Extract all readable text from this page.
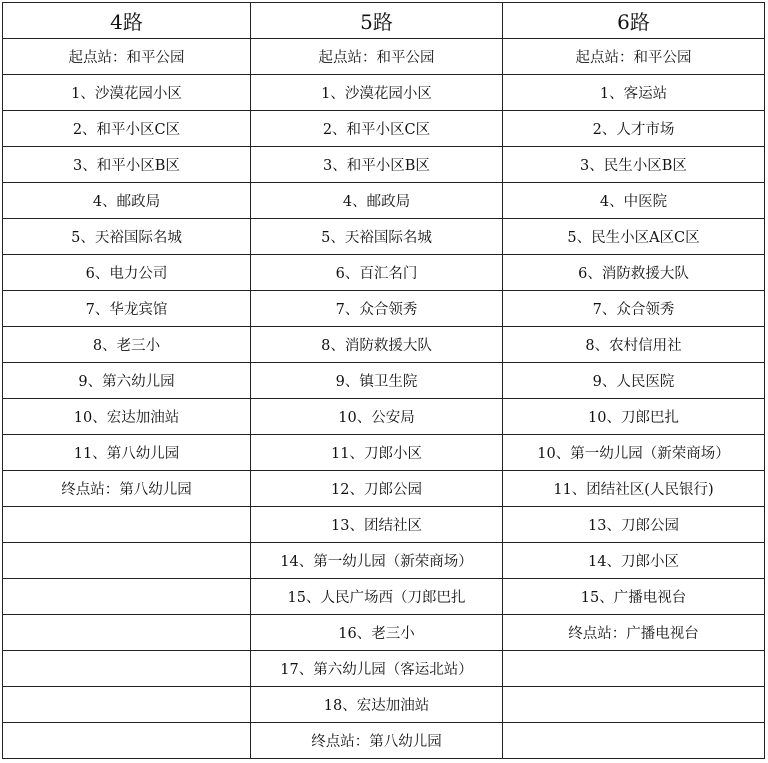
4路	5路	6路
起点站：和平公园	起点站：和平公园	起点站：和平公园
1、沙漠花园小区	1、沙漠花园小区	1、客运站
2、和平小区C区	2、和平小区C区	2、人才市场
3、和平小区B区	3、和平小区B区	3、民生小区B区
4、邮政局	4、邮政局	4、中医院
5、天裕国际名城	5、天裕国际名城	5、民生小区A区C区
6、电力公司	6、百汇名门	6、消防救援大队
7、华龙宾馆	7、众合领秀	7、众合领秀
8、老三小	8、消防救援大队	8、农村信用社
9、第六幼儿园	9、镇卫生院	9、人民医院
10、宏达加油站	10、公安局	10、刀郎巴扎
11、第八幼儿园	11、刀郎小区	10、第一幼儿园（新荣商场）
终点站：第八幼儿园	12、刀郎公园	11、团结社区(人民银行)
	13、团结社区	13、刀郎公园
	14、第一幼儿园（新荣商场）	14、刀郎小区
	15、人民广场西（刀郎巴扎	15、广播电视台
	16、老三小	终点站：广播电视台
	17、第六幼儿园（客运北站）	
	18、宏达加油站	
	终点站：第八幼儿园	
